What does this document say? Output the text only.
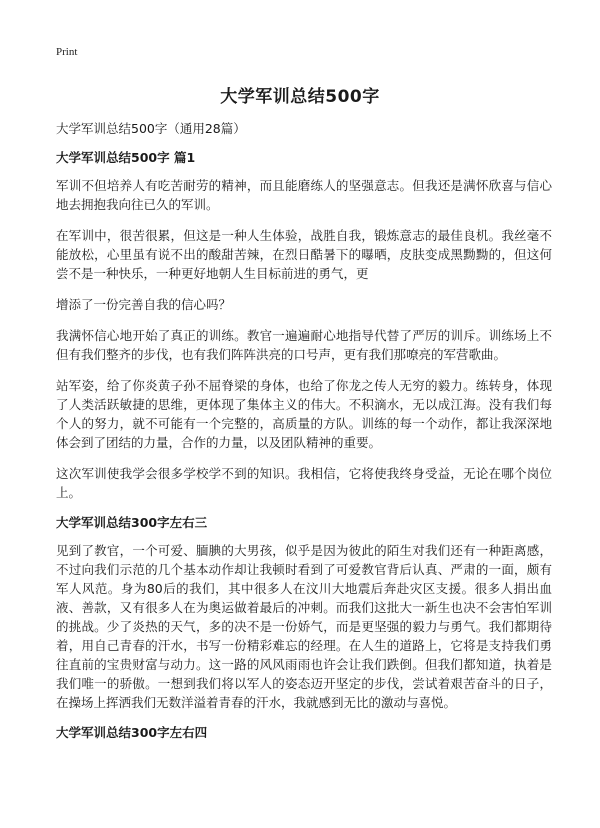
Print
大学军训总结500字

大学军训总结500字（通用28篇）

大学军训总结500字 篇1

军训不但培养人有吃苦耐劳的精神，而且能磨练人的坚强意志。但我还是满怀欣喜与信心地去拥抱我向往已久的军训。

在军训中，很苦很累，但这是一种人生体验，战胜自我，锻炼意志的最佳良机。我丝毫不能放松，心里虽有说不出的酸甜苦辣，在烈日酷暑下的曝晒，皮肤变成黑黝黝的，但这何尝不是一种快乐，一种更好地朝人生目标前进的勇气，更

增添了一份完善自我的信心吗？

我满怀信心地开始了真正的训练。教官一遍遍耐心地指导代替了严厉的训斥。训练场上不但有我们整齐的步伐，也有我们阵阵洪亮的口号声，更有我们那嘹亮的军营歌曲。

站军姿，给了你炎黄子孙不屈脊梁的身体，也给了你龙之传人无穷的毅力。练转身，体现了人类活跃敏捷的思维，更体现了集体主义的伟大。不积滴水，无以成江海。没有我们每个人的努力，就不可能有一个完整的，高质量的方队。训练的每一个动作，都让我深深地体会到了团结的力量，合作的力量，以及团队精神的重要。

这次军训使我学会很多学校学不到的知识。我相信，它将使我终身受益，无论在哪个岗位上。

大学军训总结300字左右三

见到了教官，一个可爱、腼腆的大男孩，似乎是因为彼此的陌生对我们还有一种距离感，不过向我们示范的几个基本动作却让我顿时看到了可爱教官背后认真、严肃的一面，颇有军人风范。身为80后的我们，其中很多人在汶川大地震后奔赴灾区支援。很多人捐出血液、善款，又有很多人在为奥运做着最后的冲刺。而我们这批大一新生也决不会害怕军训的挑战。少了炎热的天气，多的决不是一份娇气，而是更坚强的毅力与勇气。我们都期待着，用自己青春的汗水，书写一份精彩难忘的经理。在人生的道路上，它将是支持我们勇往直前的宝贵财富与动力。这一路的风风雨雨也许会让我们跌倒。但我们都知道，执着是我们唯一的骄傲。一想到我们将以军人的姿态迈开坚定的步伐，尝试着艰苦奋斗的日子，在操场上挥洒我们无数洋溢着青春的汗水，我就感到无比的激动与喜悦。

大学军训总结300字左右四
